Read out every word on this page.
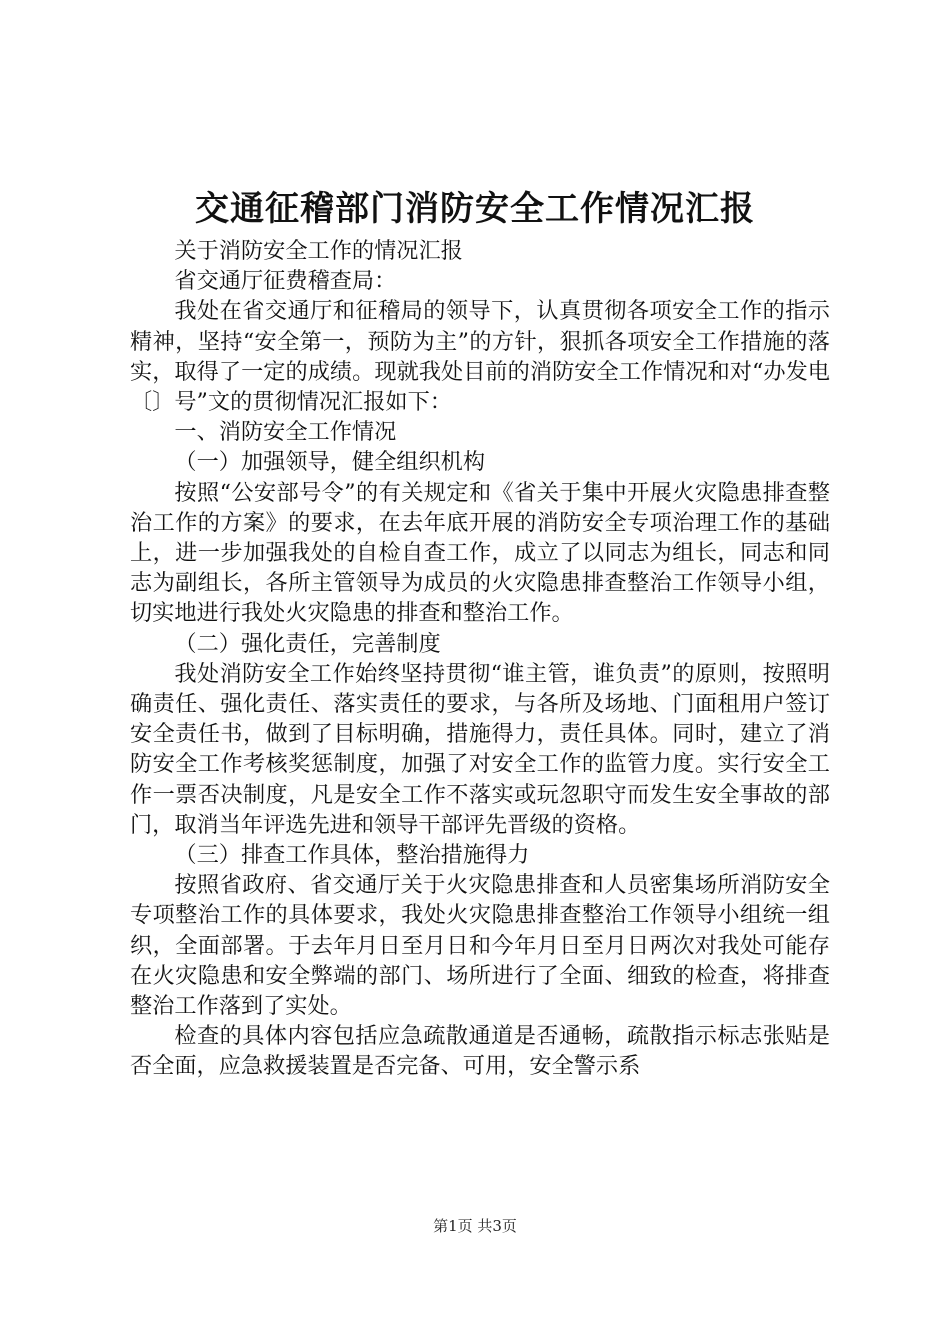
交通征稽部门消防安全工作情况汇报

关于消防安全工作的情况汇报

省交通厅征费稽查局：

我处在省交通厅和征稽局的领导下，认真贯彻各项安全工作的指示精神，坚持“安全第一，预防为主”的方针，狠抓各项安全工作措施的落实，取得了一定的成绩。现就我处目前的消防安全工作情况和对“办发电〔〕号”文的贯彻情况汇报如下：

一、消防安全工作情况

（一）加强领导，健全组织机构

按照“公安部号令”的有关规定和《省关于集中开展火灾隐患排查整治工作的方案》的要求，在去年底开展的消防安全专项治理工作的基础上，进一步加强我处的自检自查工作，成立了以同志为组长，同志和同志为副组长，各所主管领导为成员的火灾隐患排查整治工作领导小组，切实地进行我处火灾隐患的排查和整治工作。

（二）强化责任，完善制度

我处消防安全工作始终坚持贯彻“谁主管，谁负责”的原则，按照明确责任、强化责任、落实责任的要求，与各所及场地、门面租用户签订安全责任书，做到了目标明确，措施得力，责任具体。同时，建立了消防安全工作考核奖惩制度，加强了对安全工作的监管力度。实行安全工作一票否决制度，凡是安全工作不落实或玩忽职守而发生安全事故的部门，取消当年评选先进和领导干部评先晋级的资格。

（三）排查工作具体，整治措施得力

按照省政府、省交通厅关于火灾隐患排查和人员密集场所消防安全专项整治工作的具体要求，我处火灾隐患排查整治工作领导小组统一组织，全面部署。于去年月日至月日和今年月日至月日两次对我处可能存在火灾隐患和安全弊端的部门、场所进行了全面、细致的检查，将排查整治工作落到了实处。

检查的具体内容包括应急疏散通道是否通畅，疏散指示标志张贴是否全面，应急救援装置是否完备、可用，安全警示系

第1页 共3页
